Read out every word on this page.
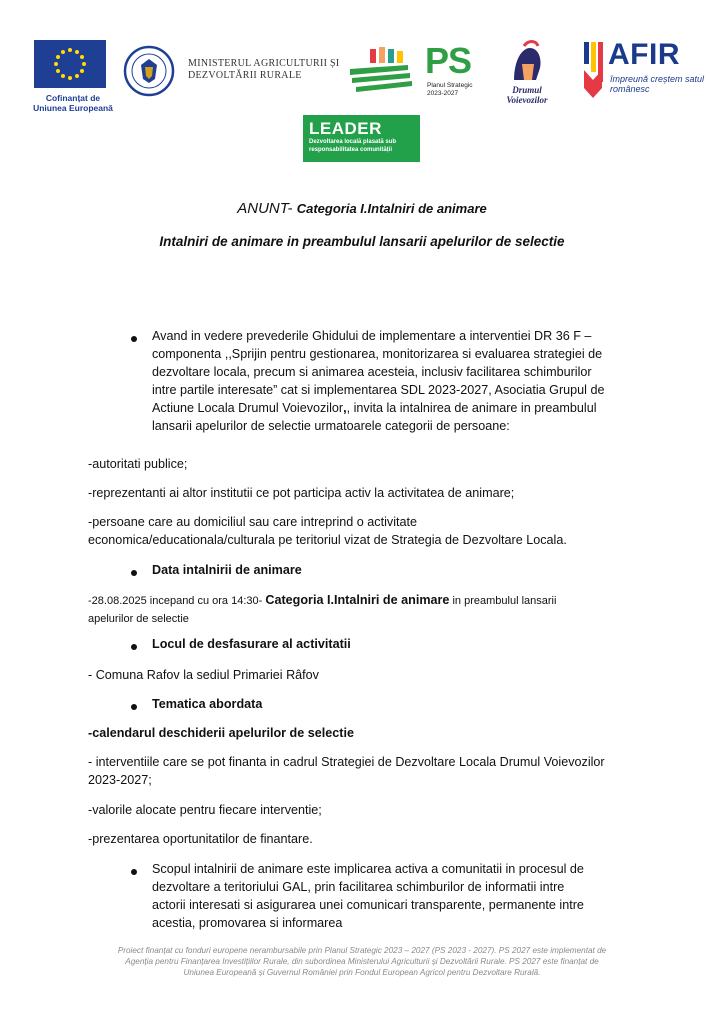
Cofinanțat de Uniunea Europeană
MINISTERUL AGRICULTURII ȘI DEZVOLTĂRII RURALE	PS
Planul Strategic 2023-2027	Drumul Voievozilor
AFIR
împreună creștem satul românesc
LEADER
Dezvoltarea locală plasată sub responsabilitatea comunității
ANUNT- Categoria I.Intalniri de animare
Intalniri de animare in preambulul lansarii apelurilor de selectie
Avand in vedere prevederile Ghidului de implementare a interventiei DR 36 F –
componenta ,,Sprijin pentru gestionarea, monitorizarea si evaluarea strategiei de
dezvoltare locala, precum si animarea acesteia, inclusiv facilitarea schimburilor
intre partile interesate” cat si implementarea SDL 2023-2027, Asociatia Grupul de
Actiune Locala Drumul Voievozilor,, invita la intalnirea de animare in preambulul
lansarii apelurilor de selectie urmatoarele categorii de persoane:
-autoritati publice;
-reprezentanti ai altor institutii ce pot participa activ la activitatea de animare;
-persoane care au domiciliul sau care intreprind o activitate
economica/educationala/culturala pe teritoriul vizat de Strategia de Dezvoltare Locala.
Data intalnirii de animare
-28.08.2025 incepand cu ora 14:30- Categoria I.Intalniri de animare in preambulul lansarii
apelurilor de selectie
Locul de desfasurare al activitatii
- Comuna Rafov la sediul Primariei Râfov
Tematica abordata
-calendarul deschiderii apelurilor de selectie
- interventiile care se pot finanta in cadrul Strategiei de Dezvoltare Locala Drumul Voievozilor
2023-2027;
-valorile alocate pentru fiecare interventie;
-prezentarea oportunitatilor de finantare.
Scopul intalnirii de animare este implicarea activa a comunitatii in procesul de
dezvoltare a teritoriului GAL, prin facilitarea schimburilor de informatii intre
actorii interesati si asigurarea unei comunicari transparente, permanente intre
acestia, promovarea si informarea
Proiect finanțat cu fonduri europene nerambursabile prin Planul Strategic 2023 – 2027 (PS 2023 - 2027). PS 2027 este implementat de
Agenția pentru Finanțarea Investițiilor Rurale, din subordinea Ministerului Agriculturii și Dezvoltării Rurale. PS 2027 este finanțat de
Uniunea Europeană și Guvernul României prin Fondul European Agricol pentru Dezvoltare Rurală.
